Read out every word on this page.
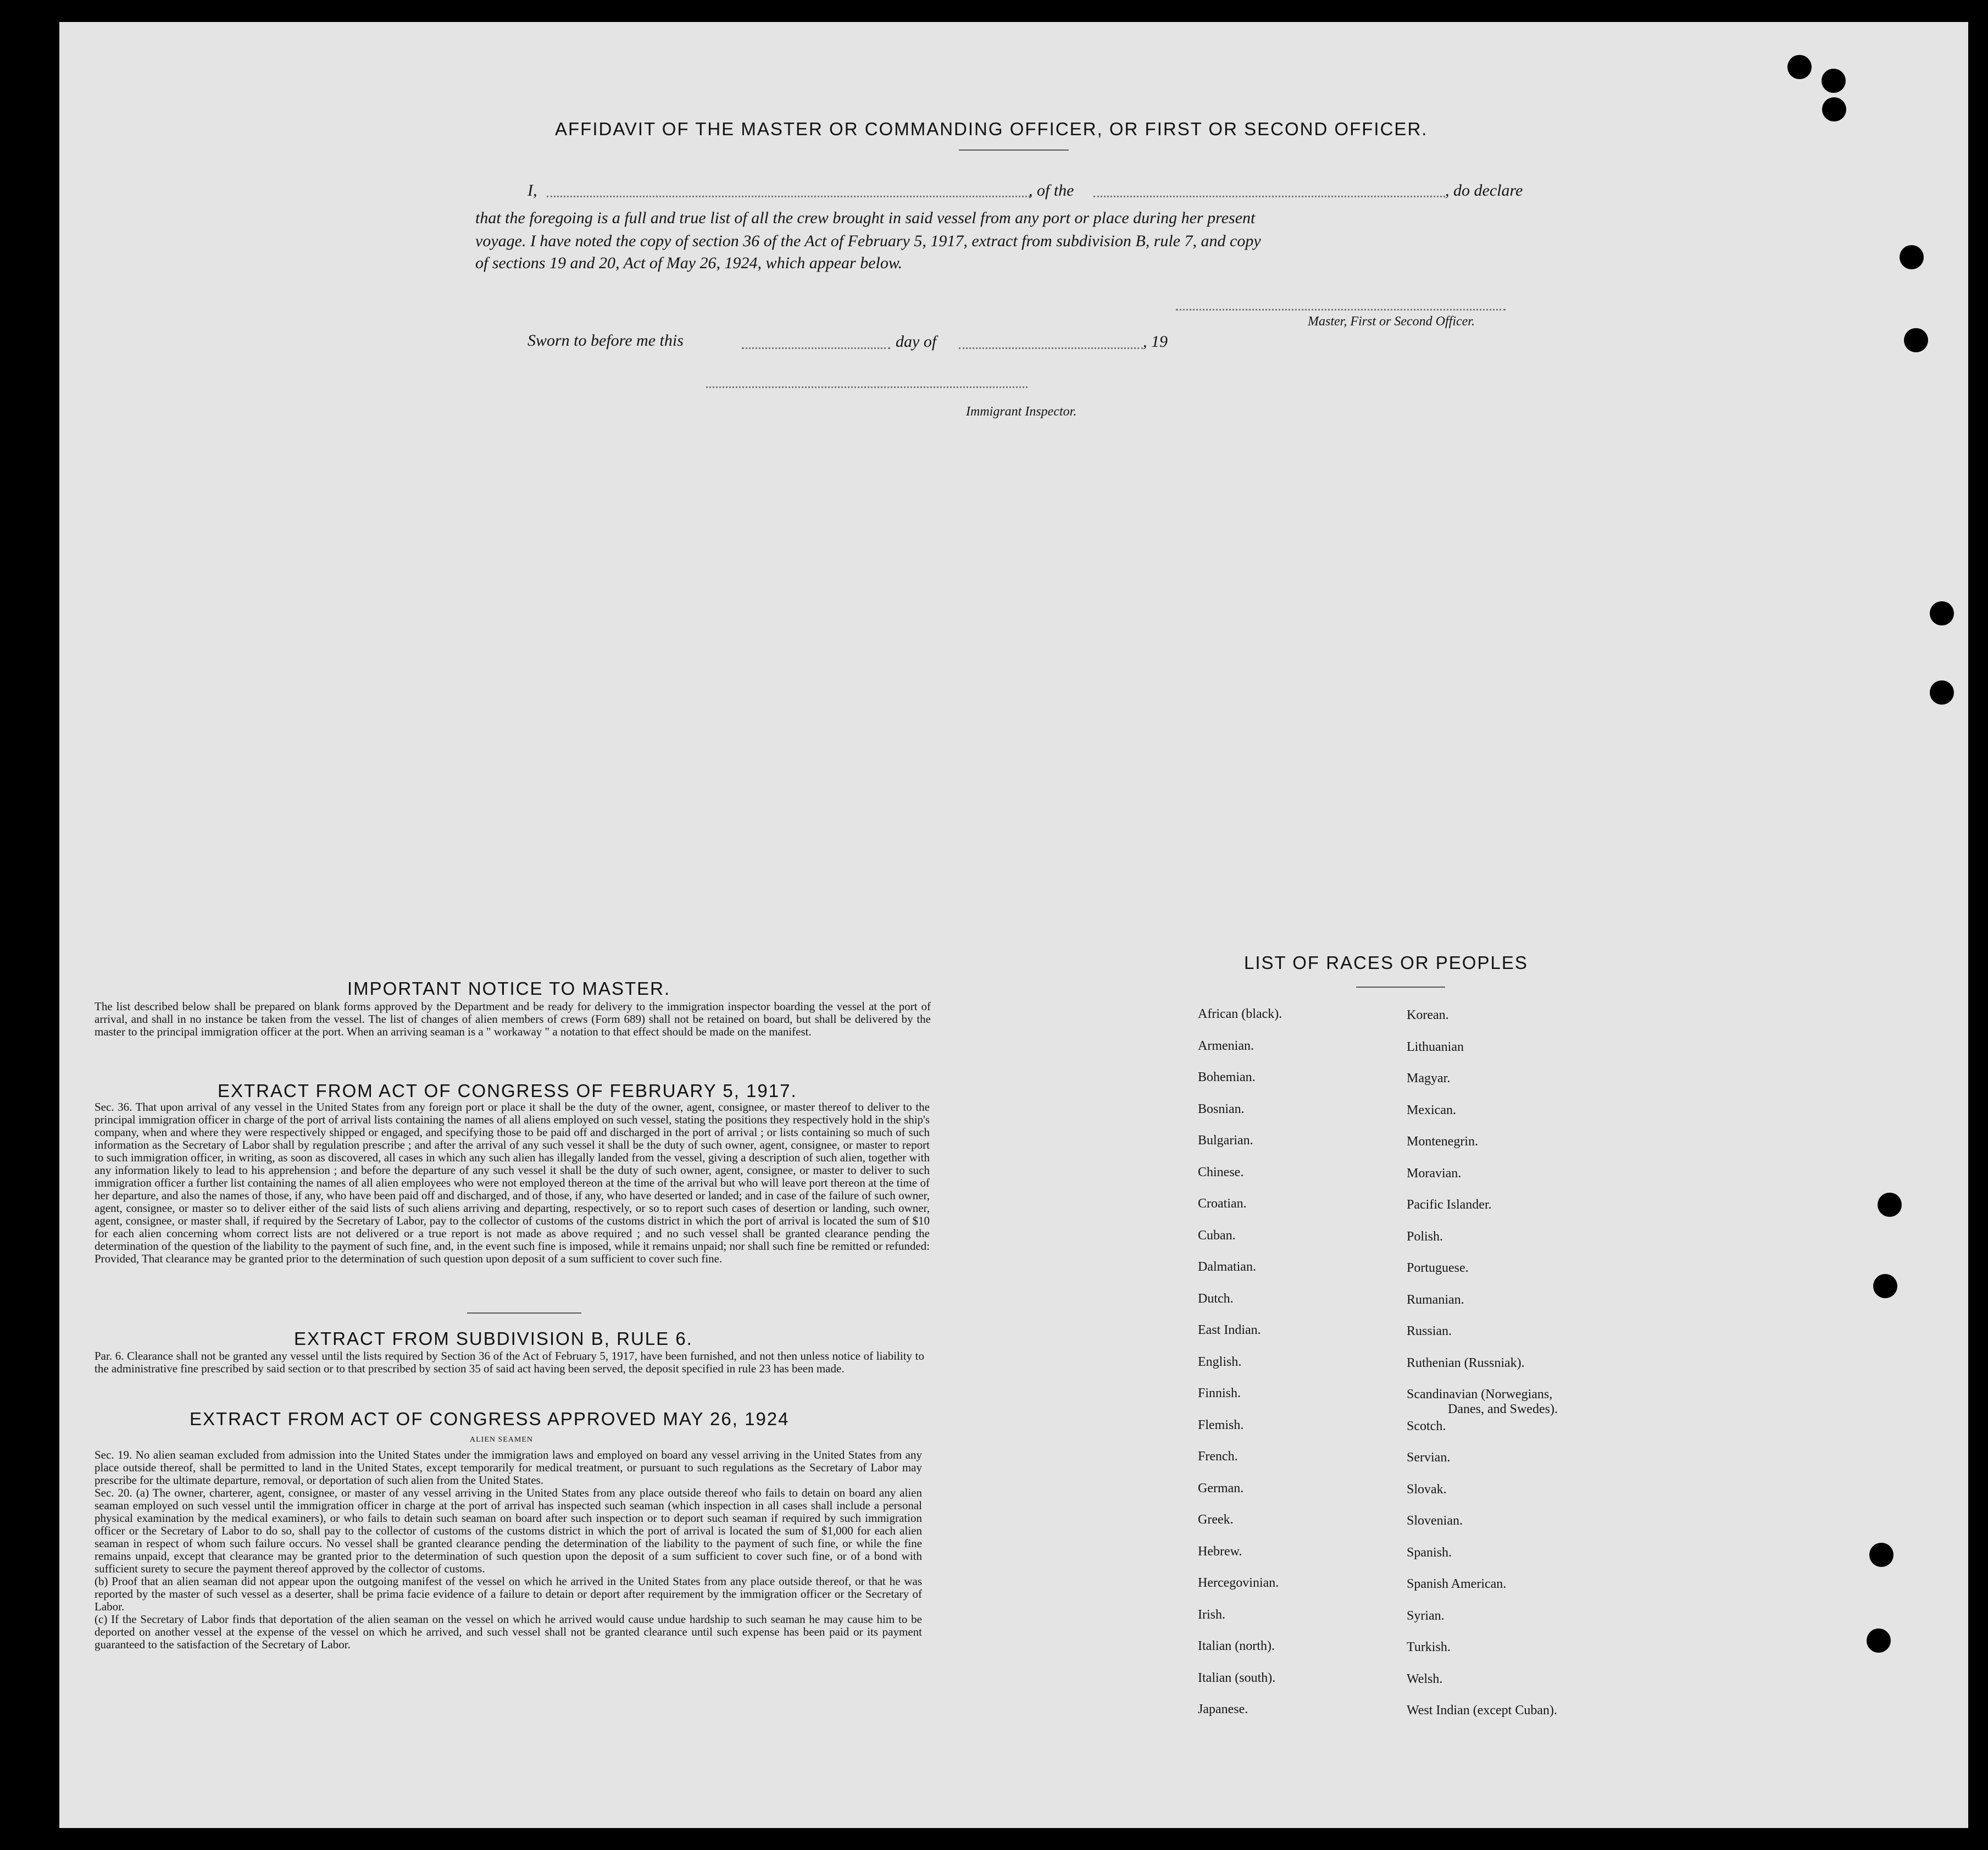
AFFIDAVIT OF THE MASTER OR COMMANDING OFFICER, OR FIRST OR SECOND OFFICER.
I,	, of the	, do declare
that the foregoing is a full and true list of all the crew brought in said vessel from any port or place during her present
voyage. I have noted the copy of section 36 of the Act of February 5, 1917, extract from subdivision B, rule 7, and copy
of sections 19 and 20, Act of May 26, 1924, which appear below.
Master, First or Second Officer.
Sworn to before me this	day of	, 19
Immigrant Inspector.
IMPORTANT NOTICE TO MASTER.

The list described below shall be prepared on blank forms approved by the Department and be ready for delivery to the immigration inspector boarding the vessel at the port of arrival, and shall in no instance be taken from the vessel. The list of changes of alien members of crews (Form 689) shall not be retained on board, but shall be delivered by the master to the principal immigration officer at the port. When an arriving seaman is a " workaway " a notation to that effect should be made on the manifest.

EXTRACT FROM ACT OF CONGRESS OF FEBRUARY 5, 1917.

Sec. 36. That upon arrival of any vessel in the United States from any foreign port or place it shall be the duty of the owner, agent, consignee, or master thereof to deliver to the principal immigration officer in charge of the port of arrival lists containing the names of all aliens employed on such vessel, stating the positions they respectively hold in the ship's company, when and where they were respectively shipped or engaged, and specifying those to be paid off and discharged in the port of arrival ; or lists containing so much of such information as the Secretary of Labor shall by regulation prescribe ; and after the arrival of any such vessel it shall be the duty of such owner, agent, consignee, or master to report to such immigration officer, in writing, as soon as discovered, all cases in which any such alien has illegally landed from the vessel, giving a description of such alien, together with any information likely to lead to his apprehension ; and before the departure of any such vessel it shall be the duty of such owner, agent, consignee, or master to deliver to such immigration officer a further list containing the names of all alien employees who were not employed thereon at the time of the arrival but who will leave port thereon at the time of her departure, and also the names of those, if any, who have been paid off and discharged, and of those, if any, who have deserted or landed; and in case of the failure of such owner, agent, consignee, or master so to deliver either of the said lists of such aliens arriving and departing, respectively, or so to report such cases of desertion or landing, such owner, agent, consignee, or master shall, if required by the Secretary of Labor, pay to the collector of customs of the customs district in which the port of arrival is located the sum of $10 for each alien concerning whom correct lists are not delivered or a true report is not made as above required ; and no such vessel shall be granted clearance pending the determination of the question of the liability to the payment of such fine, and, in the event such fine is imposed, while it remains unpaid; nor shall such fine be remitted or refunded: Provided, That clearance may be granted prior to the determination of such question upon deposit of a sum sufficient to cover such fine.

EXTRACT FROM SUBDIVISION B, RULE 6.

Par. 6. Clearance shall not be granted any vessel until the lists required by Section 36 of the Act of February 5, 1917, have been furnished, and not then unless notice of liability to the administrative fine prescribed by said section or to that prescribed by section 35 of said act having been served, the deposit specified in rule 23 has been made.

EXTRACT FROM ACT OF CONGRESS APPROVED MAY 26, 1924
ALIEN SEAMEN

Sec. 19. No alien seaman excluded from admission into the United States under the immigration laws and employed on board any vessel arriving in the United States from any place outside thereof, shall be permitted to land in the United States, except temporarily for medical treatment, or pursuant to such regulations as the Secretary of Labor may prescribe for the ultimate departure, removal, or deportation of such alien from the United States.

Sec. 20. (a) The owner, charterer, agent, consignee, or master of any vessel arriving in the United States from any place outside thereof who fails to detain on board any alien seaman employed on such vessel until the immigration officer in charge at the port of arrival has inspected such seaman (which inspection in all cases shall include a personal physical examination by the medical examiners), or who fails to detain such seaman on board after such inspection or to deport such seaman if required by such immigration officer or the Secretary of Labor to do so, shall pay to the collector of customs of the customs district in which the port of arrival is located the sum of $1,000 for each alien seaman in respect of whom such failure occurs. No vessel shall be granted clearance pending the determination of the liability to the payment of such fine, or while the fine remains unpaid, except that clearance may be granted prior to the determination of such question upon the deposit of a sum sufficient to cover such fine, or of a bond with sufficient surety to secure the payment thereof approved by the collector of customs.

(b) Proof that an alien seaman did not appear upon the outgoing manifest of the vessel on which he arrived in the United States from any place outside thereof, or that he was reported by the master of such vessel as a deserter, shall be prima facie evidence of a failure to detain or deport after requirement by the immigration officer or the Secretary of Labor.

(c) If the Secretary of Labor finds that deportation of the alien seaman on the vessel on which he arrived would cause undue hardship to such seaman he may cause him to be deported on another vessel at the expense of the vessel on which he arrived, and such vessel shall not be granted clearance until such expense has been paid or its payment guaranteed to the satisfaction of the Secretary of Labor.

LIST OF RACES OR PEOPLES
African (black).
Armenian.
Bohemian.
Bosnian.
Bulgarian.
Chinese.
Croatian.
Cuban.
Dalmatian.
Dutch.
East Indian.
English.
Finnish.
Flemish.
French.
German.
Greek.
Hebrew.
Hercegovinian.
Irish.
Italian (north).
Italian (south).
Japanese.
Korean.
Lithuanian
Magyar.
Mexican.
Montenegrin.
Moravian.
Pacific Islander.
Polish.
Portuguese.
Rumanian.
Russian.
Ruthenian (Russniak).
Scandinavian (Norwegians,
Danes, and Swedes).
Scotch.
Servian.
Slovak.
Slovenian.
Spanish.
Spanish American.
Syrian.
Turkish.
Welsh.
West Indian (except Cuban).
